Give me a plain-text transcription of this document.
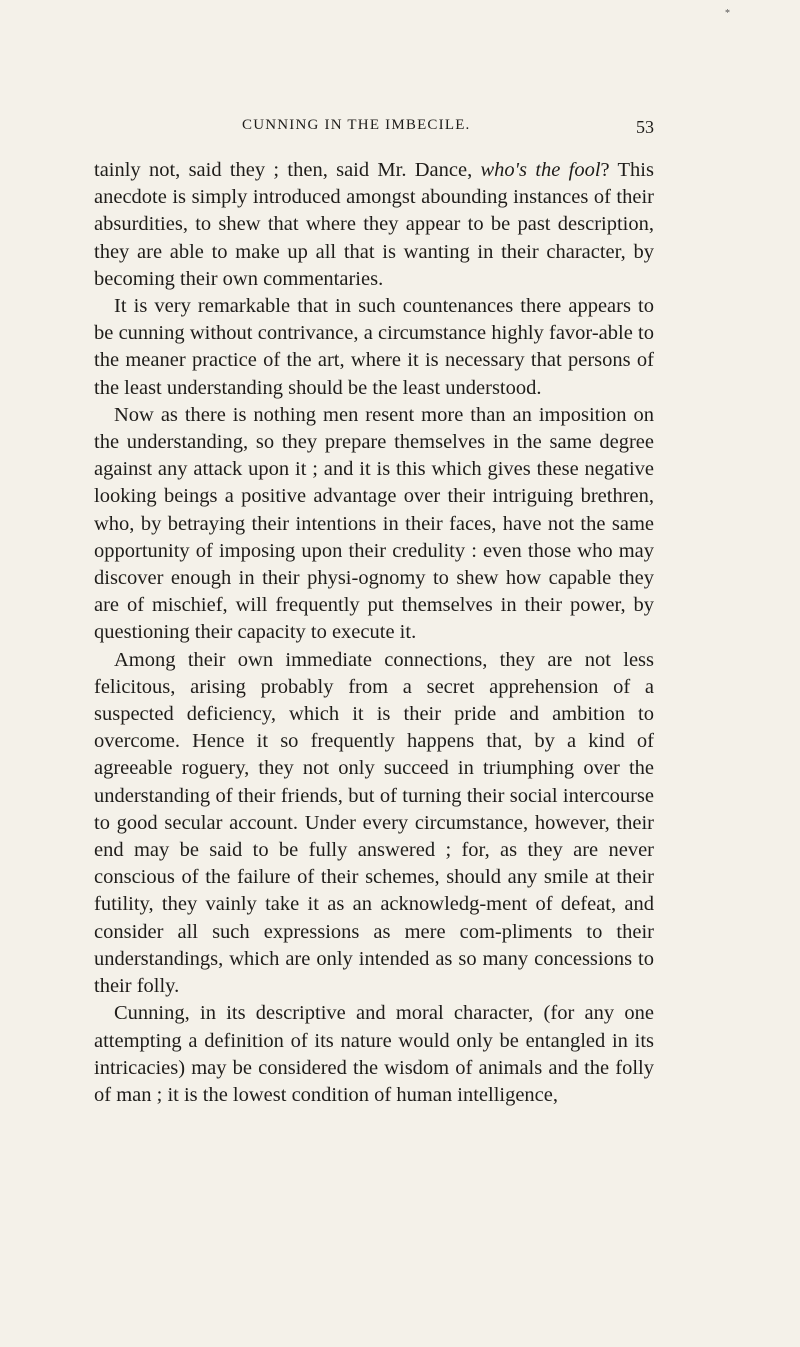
*
CUNNING IN THE IMBECILE.	53

tainly not, said they ; then, said Mr. Dance, who's the fool? This anecdote is simply introduced amongst abounding instances of their absurdities, to shew that where they appear to be past description, they are able to make up all that is wanting in their character, by becoming their own commentaries.

It is very remarkable that in such countenances there appears to be cunning without contrivance, a circumstance highly favor-able to the meaner practice of the art, where it is necessary that persons of the least understanding should be the least understood.

Now as there is nothing men resent more than an imposition on the understanding, so they prepare themselves in the same degree against any attack upon it ; and it is this which gives these negative looking beings a positive advantage over their intriguing brethren, who, by betraying their intentions in their faces, have not the same opportunity of imposing upon their credulity : even those who may discover enough in their physi-ognomy to shew how capable they are of mischief, will frequently put themselves in their power, by questioning their capacity to execute it.

Among their own immediate connections, they are not less felicitous, arising probably from a secret apprehension of a suspected deficiency, which it is their pride and ambition to overcome. Hence it so frequently happens that, by a kind of agreeable roguery, they not only succeed in triumphing over the understanding of their friends, but of turning their social intercourse to good secular account. Under every circumstance, however, their end may be said to be fully answered ; for, as they are never conscious of the failure of their schemes, should any smile at their futility, they vainly take it as an acknowledg-ment of defeat, and consider all such expressions as mere com-pliments to their understandings, which are only intended as so many concessions to their folly.

Cunning, in its descriptive and moral character, (for any one attempting a definition of its nature would only be entangled in its intricacies) may be considered the wisdom of animals and the folly of man ; it is the lowest condition of human intelligence,
